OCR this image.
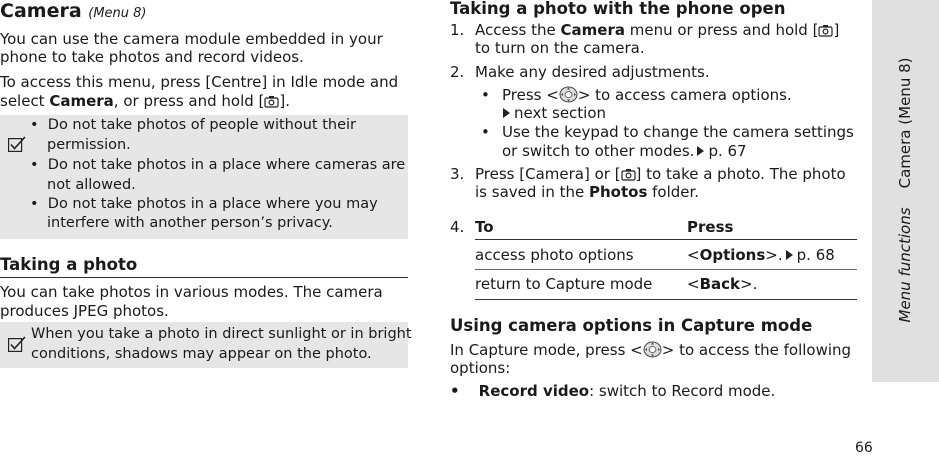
Camera (Menu 8)
You can use the camera module embedded in your
phone to take photos and record videos.
To access this menu, press [Centre] in Idle mode and
select Camera, or press and hold [ ].
•  Do not take photos of people without their
permission.
•  Do not take photos in a place where cameras are
not allowed.
•  Do not take photos in a place where you may
interfere with another person’s privacy.
Taking a photo
You can take photos in various modes. The camera
produces JPEG photos.
When you take a photo in direct sunlight or in bright
conditions, shadows may appear on the photo.
Taking a photo with the phone open
1. Access the Camera menu or press and hold [ ]
to turn on the camera.
2. Make any desired adjustments.
• Press < > to access camera options.
next section
• Use the keypad to change the camera settings
or switch to other modes. p. 67
3. Press [Camera] or [ ] to take a photo. The photo
is saved in the Photos folder.
4. To	Press
access photo options	<Options>. p. 68
return to Capture mode <Back>.
Using camera options in Capture mode
In Capture mode, press < > to access the following
options:
• Record video: switch to Record mode.
Menu functions    Camera (Menu 8)
66
